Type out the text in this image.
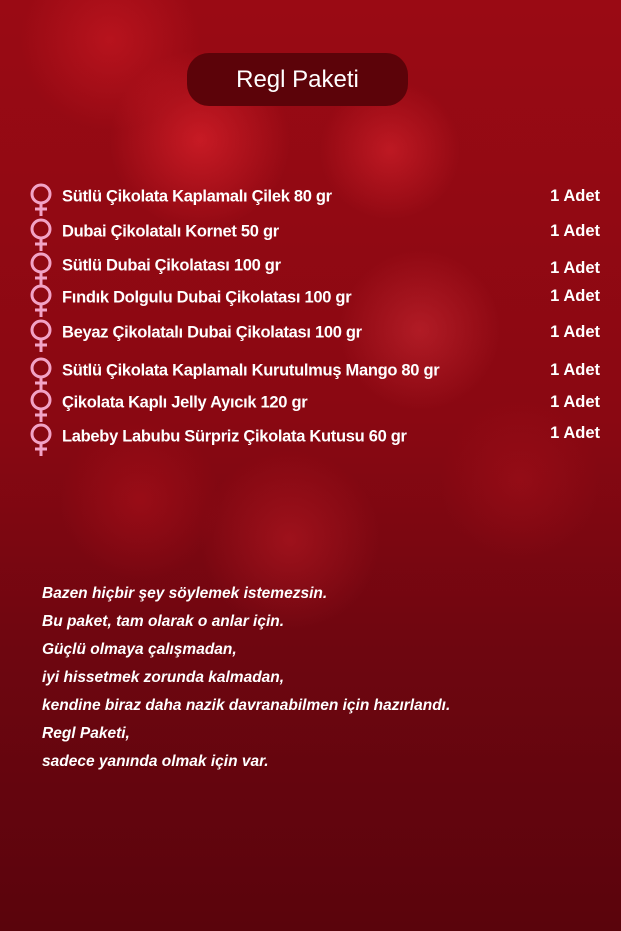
Regl Paketi
Sütlü Çikolata Kaplamalı Çilek 80 gr	1 Adet
Dubai Çikolatalı Kornet 50 gr	1 Adet
Sütlü Dubai Çikolatası 100 gr	1 Adet
Fındık Dolgulu Dubai Çikolatası 100 gr	1 Adet
Beyaz Çikolatalı Dubai Çikolatası 100 gr	1 Adet
Sütlü Çikolata Kaplamalı Kurutulmuş Mango 80 gr	1 Adet
Çikolata Kaplı Jelly Ayıcık 120 gr	1 Adet
Labeby Labubu Sürpriz Çikolata Kutusu 60 gr	1 Adet
Bazen hiçbir şey söylemek istemezsin.
Bu paket, tam olarak o anlar için.
Güçlü olmaya çalışmadan,
iyi hissetmek zorunda kalmadan,
kendine biraz daha nazik davranabilmen için hazırlandı.
Regl Paketi,
sadece yanında olmak için var.
